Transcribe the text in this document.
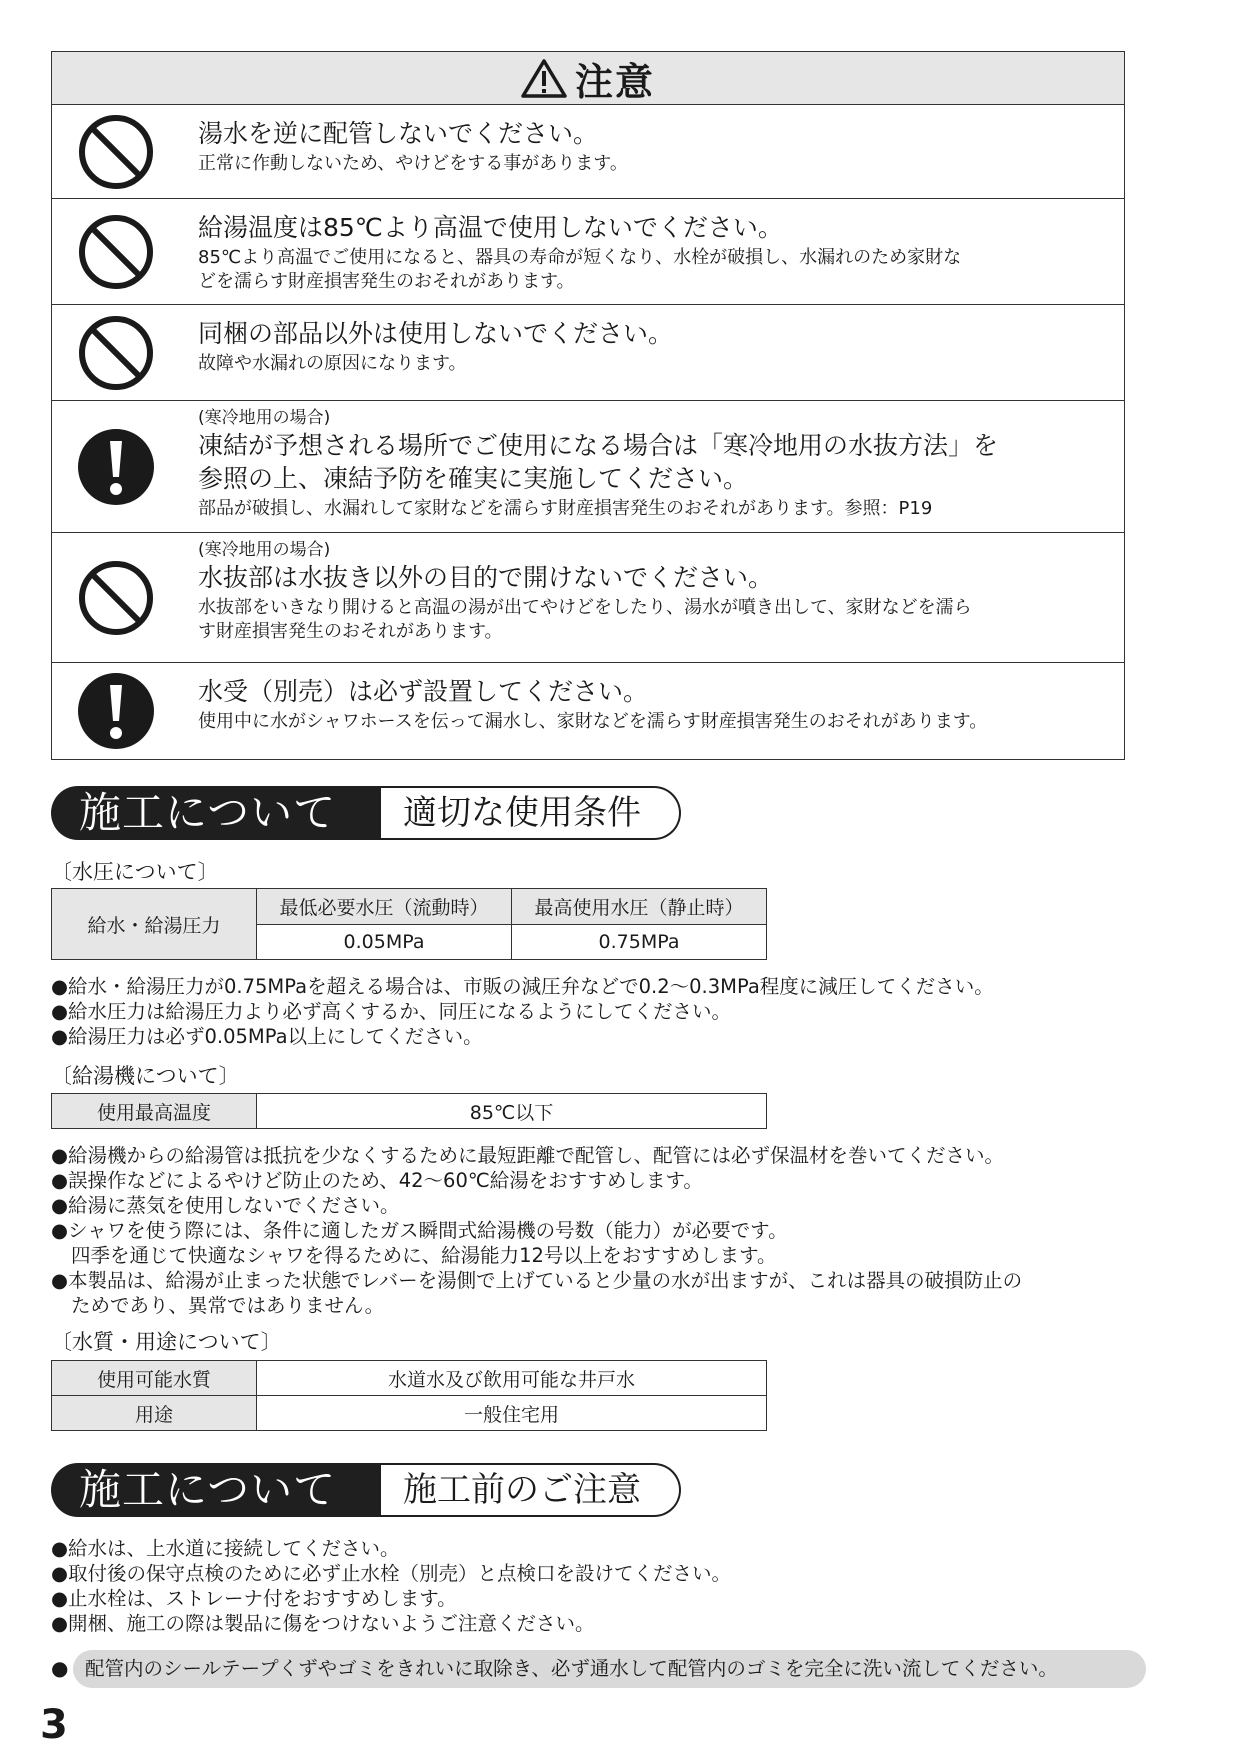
注意
湯水を逆に配管しないでください。
正常に作動しないため、やけどをする事があります。
給湯温度は85℃より高温で使用しないでください。
85℃より高温でご使用になると、器具の寿命が短くなり、水栓が破損し、水漏れのため家財な
どを濡らす財産損害発生のおそれがあります。
同梱の部品以外は使用しないでください。
故障や水漏れの原因になります。
(寒冷地用の場合)
凍結が予想される場所でご使用になる場合は「寒冷地用の水抜方法」を
参照の上、凍結予防を確実に実施してください。
部品が破損し、水漏れして家財などを濡らす財産損害発生のおそれがあります。参照：P19
(寒冷地用の場合)
水抜部は水抜き以外の目的で開けないでください。
水抜部をいきなり開けると高温の湯が出てやけどをしたり、湯水が噴き出して、家財などを濡ら
す財産損害発生のおそれがあります。
水受（別売）は必ず設置してください。
使用中に水がシャワホースを伝って漏水し、家財などを濡らす財産損害発生のおそれがあります。
施工について	適切な使用条件
〔水圧について〕
給水・給湯圧力	最低必要水圧（流動時）	最高使用水圧（静止時）
	0.05MPa	0.75MPa
●給水・給湯圧力が0.75MPaを超える場合は、市販の減圧弁などで0.2～0.3MPa程度に減圧してください。
●給水圧力は給湯圧力より必ず高くするか、同圧になるようにしてください。
●給湯圧力は必ず0.05MPa以上にしてください。
〔給湯機について〕
使用最高温度	85℃以下
●給湯機からの給湯管は抵抗を少なくするために最短距離で配管し、配管には必ず保温材を巻いてください。
●誤操作などによるやけど防止のため、42～60℃給湯をおすすめします。
●給湯に蒸気を使用しないでください。
●シャワを使う際には、条件に適したガス瞬間式給湯機の号数（能力）が必要です。
四季を通じて快適なシャワを得るために、給湯能力12号以上をおすすめします。
●本製品は、給湯が止まった状態でレバーを湯側で上げていると少量の水が出ますが、これは器具の破損防止の
ためであり、異常ではありません。
〔水質・用途について〕
使用可能水質	水道水及び飲用可能な井戸水
用途	一般住宅用
施工について	施工前のご注意
●給水は、上水道に接続してください。
●取付後の保守点検のために必ず止水栓（別売）と点検口を設けてください。
●止水栓は、ストレーナ付をおすすめします。
●開梱、施工の際は製品に傷をつけないようご注意ください。
● 配管内のシールテープくずやゴミをきれいに取除き、必ず通水して配管内のゴミを完全に洗い流してください。
3
